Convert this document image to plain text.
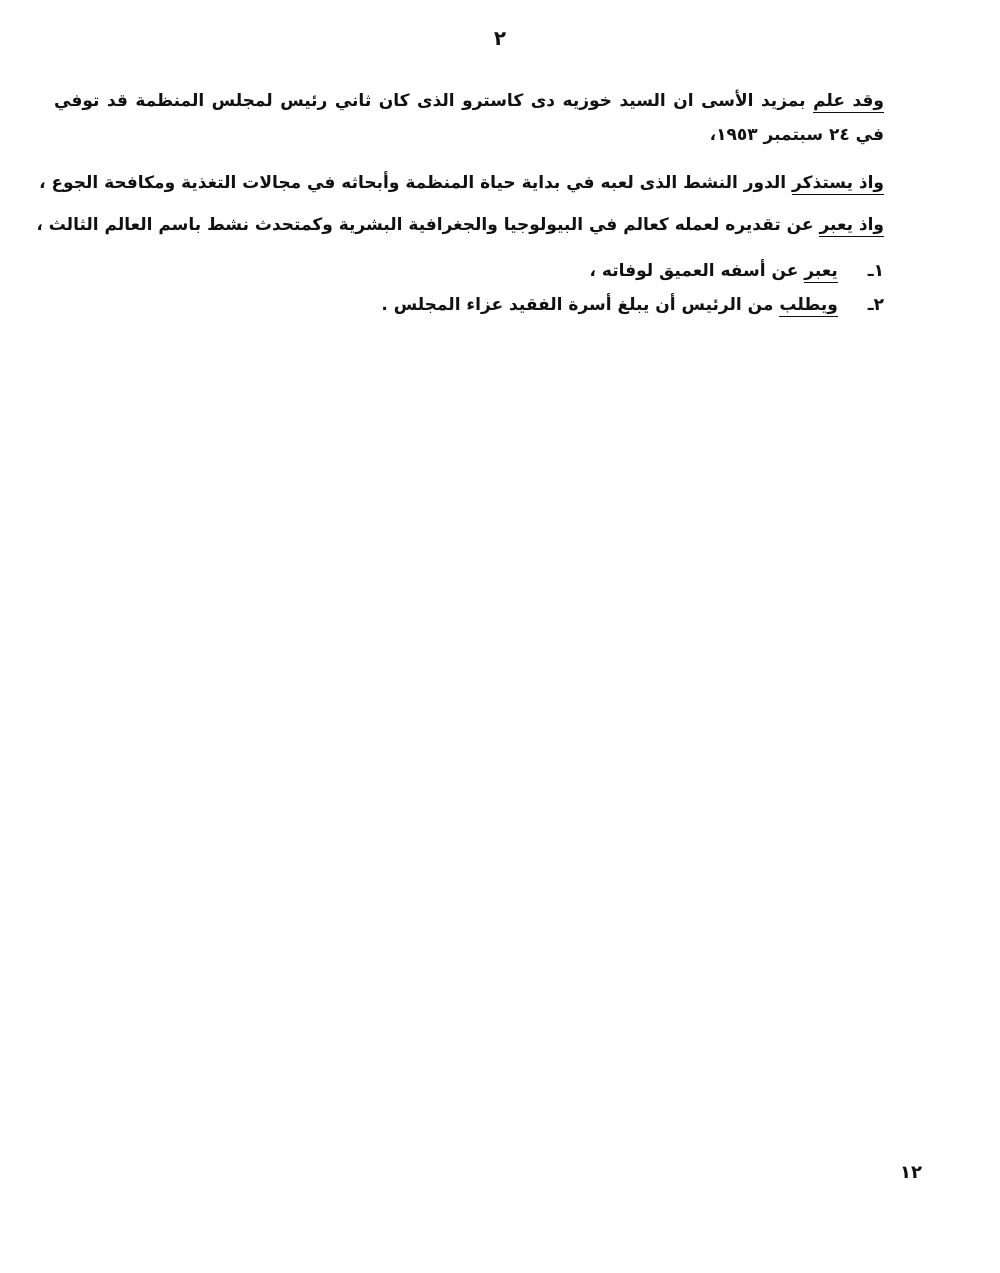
٢
وقد علم بمزيد الأسى ان السيد خوزيه دى كاسترو الذى كان ثاني رئيس لمجلس المنظمة قد توفي في ٢٤ سبتمبر ١٩٥٣،
واذ يستذكر الدور النشط الذى لعبه في بداية حياة المنظمة وأبحاثه في مجالات التغذية ومكافحة الجوع ،
واذ يعبر عن تقديره لعمله كعالم في البيولوجيا والجغرافية البشرية وكمتحدث نشط باسم العالم الثالث ،
١ـيعبر عن أسفه العميق لوفاته ،
٢ـويطلب من الرئيس أن يبلغ أسرة الفقيد عزاء المجلس .
١٢
